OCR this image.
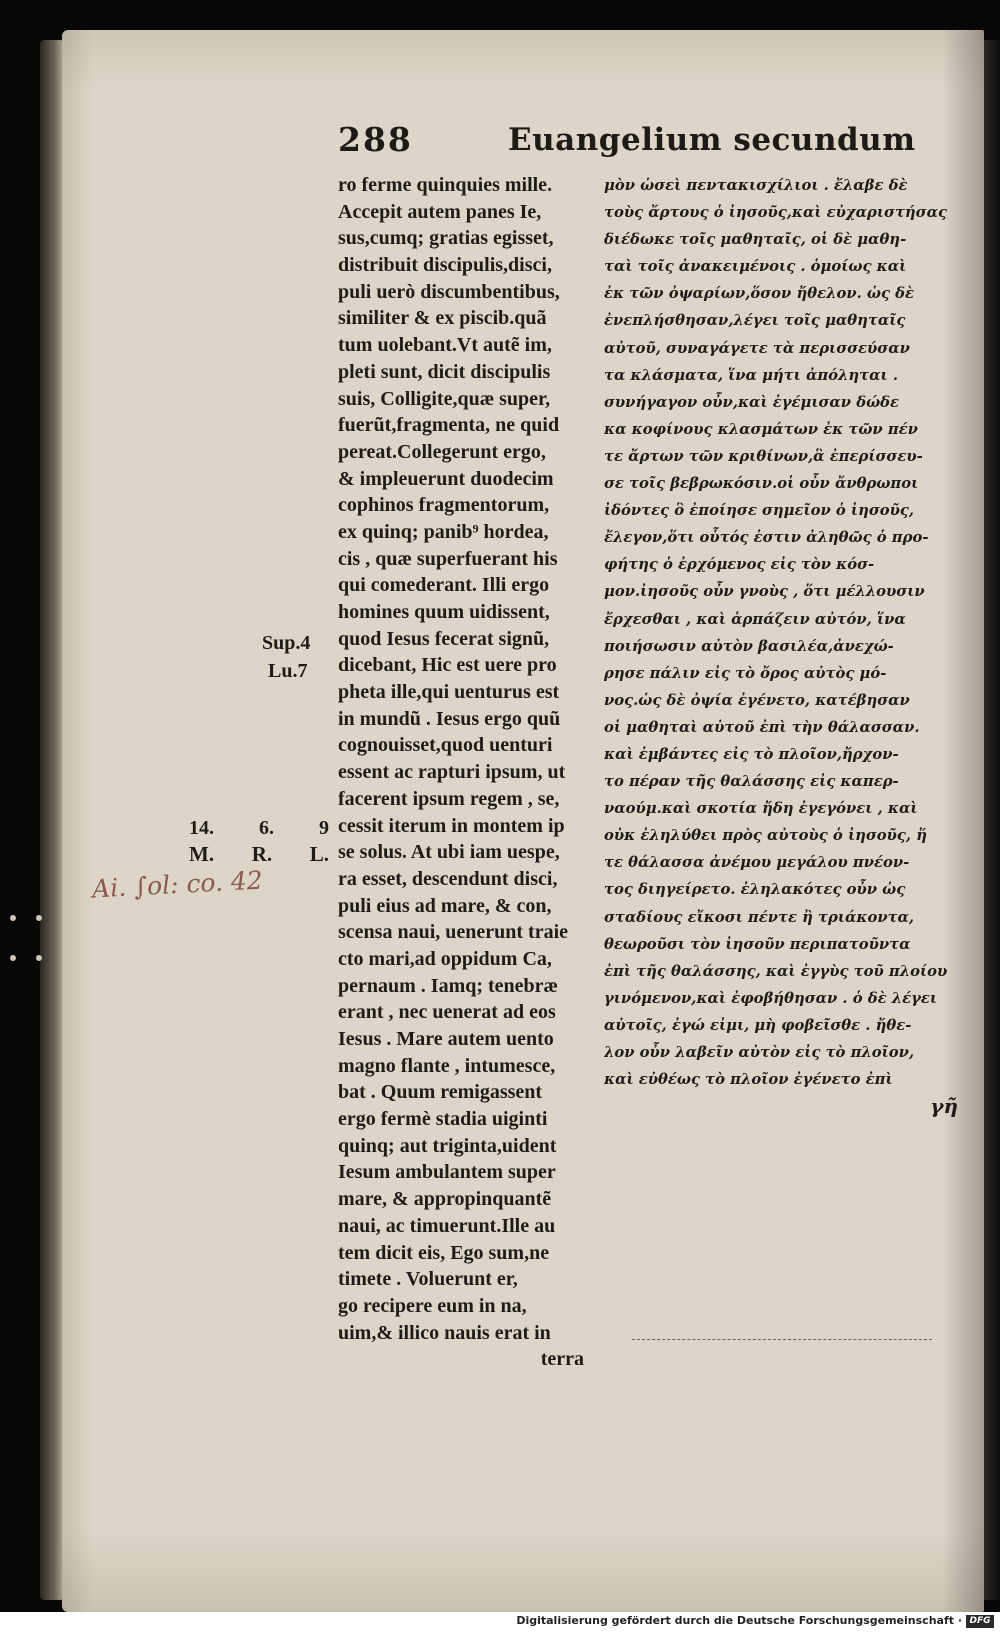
288	Euangelium secundum
ro ferme quinquies mille.
Accepit autem panes Ie,
sus,cumq; gratias egisset,
distribuit discipulis,disci,
puli uerò discumbentibus,
similiter & ex piscib.quã
tum uolebant.Vt autẽ im,
pleti sunt, dicit discipulis
suis, Colligite,quæ super,
fuerũt,fragmenta, ne quid
pereat.Collegerunt ergo,
& impleuerunt duodecim
cophinos fragmentorum,
ex quinq; panib⁹ hordea,
cis , quæ superfuerant his
qui comederant. Illi ergo
homines quum uidissent,
quod Iesus fecerat signũ,
dicebant, Hic est uere pro
pheta ille,qui uenturus est
in mundũ . Iesus ergo quũ
cognouisset,quod uenturi
essent ac rapturi ipsum, ut
facerent ipsum regem , se,
cessit iterum in montem ip
se solus. At ubi iam uespe,
ra esset, descendunt disci,
puli eius ad mare, & con,
scensa naui, uenerunt traie
cto mari,ad oppidum Ca,
pernaum . Iamq; tenebræ
erant , nec uenerat ad eos
Iesus . Mare autem uento
magno flante , intumesce,
bat . Quum remigassent
ergo fermè stadia uiginti
quinq; aut triginta,uident
Iesum ambulantem super
mare, & appropinquantẽ
naui, ac timuerunt.Ille au
tem dicit eis, Ego sum,ne
timete . Voluerunt er,
go recipere eum in na,
uim,& illico nauis erat in
terra
μὸν ὡσεὶ πεντακισχίλιοι . ἔλαβε δὲ
τοὺς ἄρτους ὁ ἰησοῦς,καὶ εὐχαριστήσας
διέδωκε τοῖς μαθηταῖς, οἱ δὲ μαθη-
ταὶ τοῖς ἀνακειμένοις . ὁμοίως καὶ
ἐκ τῶν ὀψαρίων,ὅσον ἤθελον. ὡς δὲ
ἐνεπλήσθησαν,λέγει τοῖς μαθηταῖς
αὐτοῦ, συναγάγετε τὰ περισσεύσαν
τα κλάσματα, ἵνα μήτι ἀπόληται .
συνήγαγον οὖν,καὶ ἐγέμισαν δώδε
κα κοφίνους κλασμάτων ἐκ τῶν πέν
τε ἄρτων τῶν κριθίνων,ἃ ἐπερίσσευ-
σε τοῖς βεβρωκόσιν.οἱ οὖν ἄνθρωποι
ἰδόντες ὃ ἐποίησε σημεῖον ὁ ἰησοῦς,
ἔλεγον,ὅτι οὗτός ἐστιν ἀληθῶς ὁ προ-
φήτης ὁ ἐρχόμενος εἰς τὸν κόσ-
μον.ἰησοῦς οὖν γνοὺς , ὅτι μέλλουσιν
ἔρχεσθαι , καὶ ἁρπάζειν αὐτόν, ἵνα
ποιήσωσιν αὐτὸν βασιλέα,ἀνεχώ-
ρησε πάλιν εἰς τὸ ὄρος αὐτὸς μό-
νος.ὡς δὲ ὀψία ἐγένετο, κατέβησαν
οἱ μαθηταὶ αὐτοῦ ἐπὶ τὴν θάλασσαν.
καὶ ἐμβάντες εἰς τὸ πλοῖον,ἤρχον-
το πέραν τῆς θαλάσσης εἰς καπερ-
ναούμ.καὶ σκοτία ἤδη ἐγεγόνει , καὶ
οὐκ ἐληλύθει πρὸς αὐτοὺς ὁ ἰησοῦς, ἥ
τε θάλασσα ἀνέμου μεγάλου πνέον-
τος διηγείρετο. ἐληλακότες οὖν ὡς
σταδίους εἴκοσι πέντε ἢ τριάκοντα,
θεωροῦσι τὸν ἰησοῦν περιπατοῦντα
ἐπὶ τῆς θαλάσσης, καὶ ἐγγὺς τοῦ πλοίου
γινόμενον,καὶ ἐφοβήθησαν . ὁ δὲ λέγει
αὐτοῖς, ἐγώ εἰμι, μὴ φοβεῖσθε . ἤθε-
λον οὖν λαβεῖν αὐτὸν εἰς τὸ πλοῖον,
καὶ εὐθέως τὸ πλοῖον ἐγένετο ἐπὶ
γῆ
Sup.4
Lu.7
14. 6. 9
M. R. L.
Ai. ∫ol: co. 42
Digitalisierung gefördert durch die Deutsche Forschungsgemeinschaft · DFG
